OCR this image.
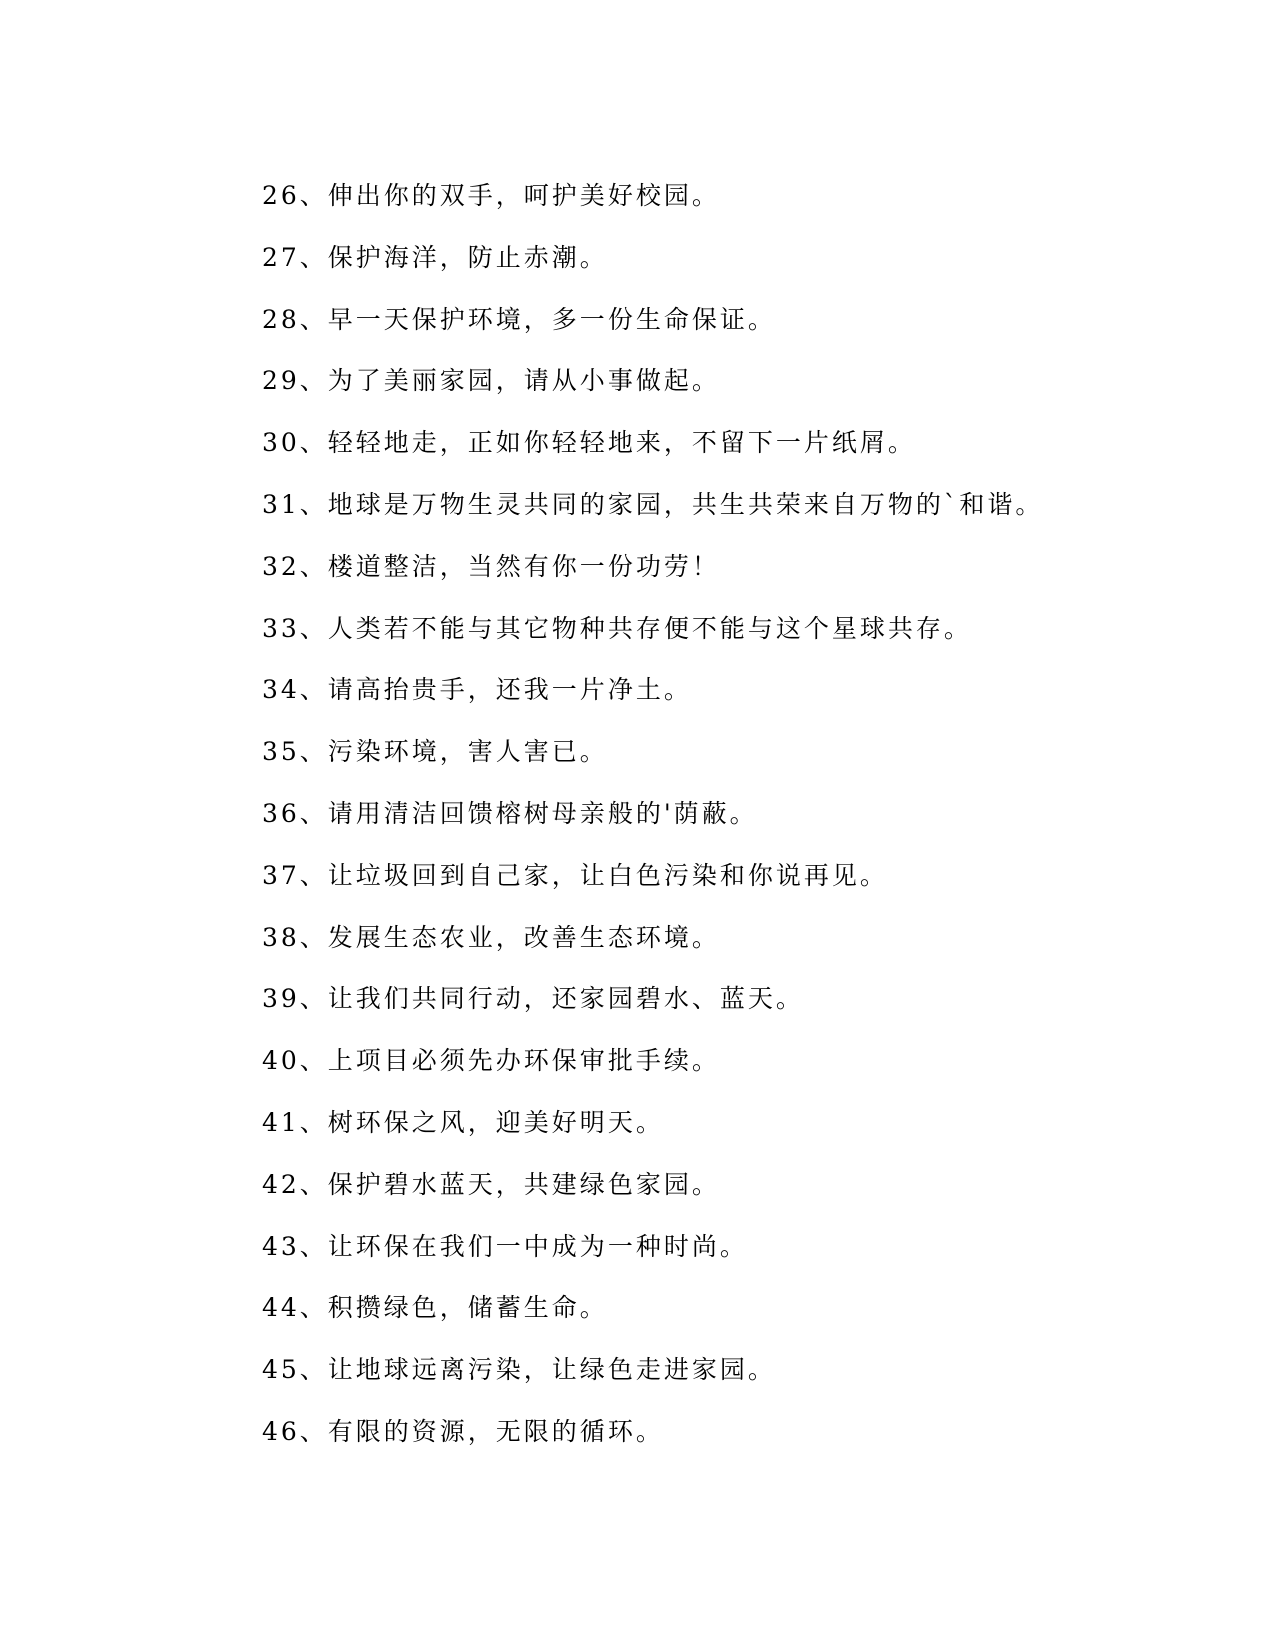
26、伸出你的双手，呵护美好校园。
27、保护海洋，防止赤潮。
28、早一天保护环境，多一份生命保证。
29、为了美丽家园，请从小事做起。
30、轻轻地走，正如你轻轻地来，不留下一片纸屑。
31、地球是万物生灵共同的家园，共生共荣来自万物的`和谐。
32、楼道整洁，当然有你一份功劳！
33、人类若不能与其它物种共存便不能与这个星球共存。
34、请高抬贵手，还我一片净土。
35、污染环境，害人害已。
36、请用清洁回馈榕树母亲般的'荫蔽。
37、让垃圾回到自己家，让白色污染和你说再见。
38、发展生态农业，改善生态环境。
39、让我们共同行动，还家园碧水、蓝天。
40、上项目必须先办环保审批手续。
41、树环保之风，迎美好明天。
42、保护碧水蓝天，共建绿色家园。
43、让环保在我们一中成为一种时尚。
44、积攒绿色，储蓄生命。
45、让地球远离污染，让绿色走进家园。
46、有限的资源，无限的循环。
